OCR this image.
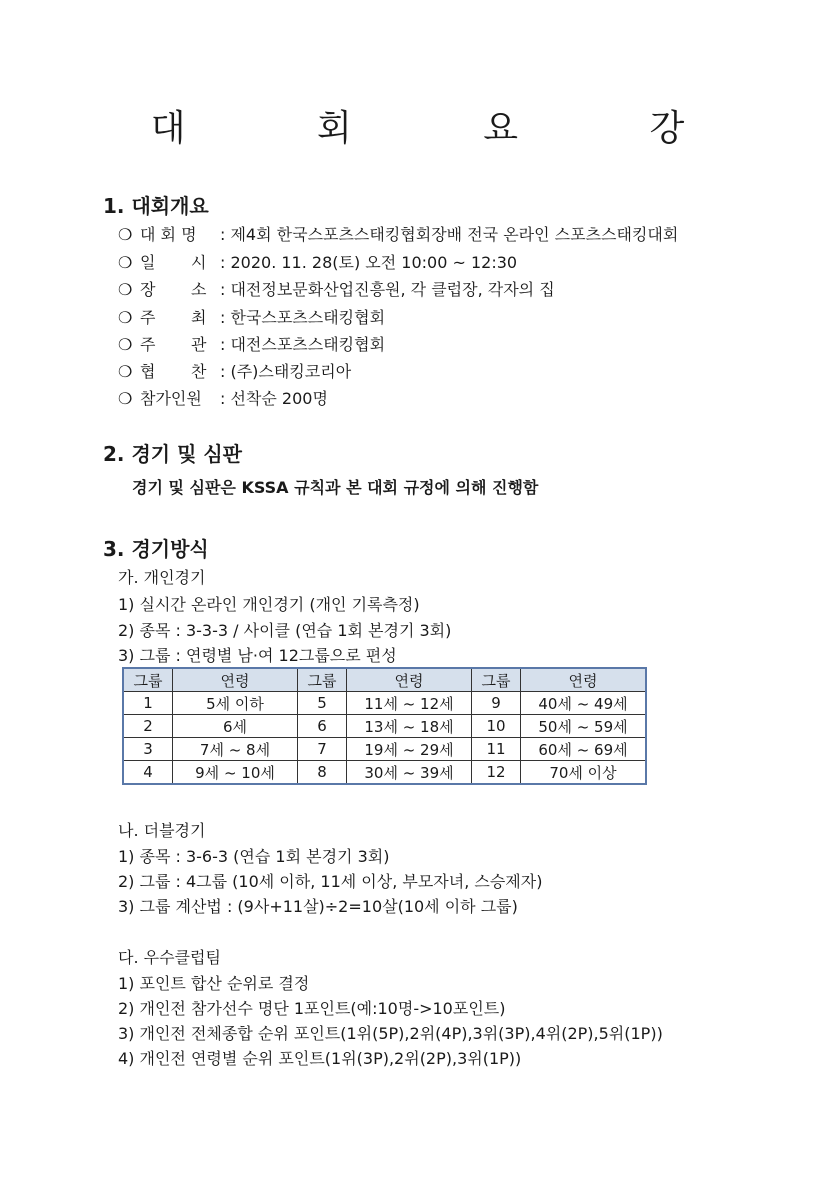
대 회 요 강
1. 대회개요
❍ 대 회 명 : 제4회 한국스포츠스태킹협회장배 전국 온라인 스포츠스태킹대회
❍ 일       시 : 2020. 11. 28(토) 오전 10:00 ~ 12:30
❍ 장       소 : 대전정보문화산업진흥원, 각 클럽장, 각자의 집
❍ 주       최 : 한국스포츠스태킹협회
❍ 주       관 : 대전스포츠스태킹협회
❍ 협       찬 : (주)스태킹코리아
❍ 참가인원 : 선착순 200명
2. 경기 및 심판
경기 및 심판은 KSSA 규칙과 본 대회 규정에 의해 진행함
3. 경기방식
가. 개인경기
1) 실시간 온라인 개인경기 (개인 기록측정)
2) 종목 : 3-3-3 / 사이클 (연습 1회 본경기 3회)
3) 그룹 : 연령별 남·여 12그룹으로 편성
그룹	연령	그룹	연령	그룹	연령
1	5세 이하	5	11세 ~ 12세	9	40세 ~ 49세
2	6세	6	13세 ~ 18세	10	50세 ~ 59세
3	7세 ~ 8세	7	19세 ~ 29세	11	60세 ~ 69세
4	9세 ~ 10세	8	30세 ~ 39세	12	70세 이상
나. 더블경기
1) 종목 : 3-6-3 (연습 1회 본경기 3회)
2) 그룹 : 4그룹 (10세 이하, 11세 이상, 부모자녀, 스승제자)
3) 그룹 계산법 : (9사+11살)÷2=10살(10세 이하 그룹)
다. 우수클럽팀
1) 포인트 합산 순위로 결정
2) 개인전 참가선수 명단 1포인트(예:10명->10포인트)
3) 개인전 전체종합 순위 포인트(1위(5P),2위(4P),3위(3P),4위(2P),5위(1P))
4) 개인전 연령별 순위 포인트(1위(3P),2위(2P),3위(1P))
